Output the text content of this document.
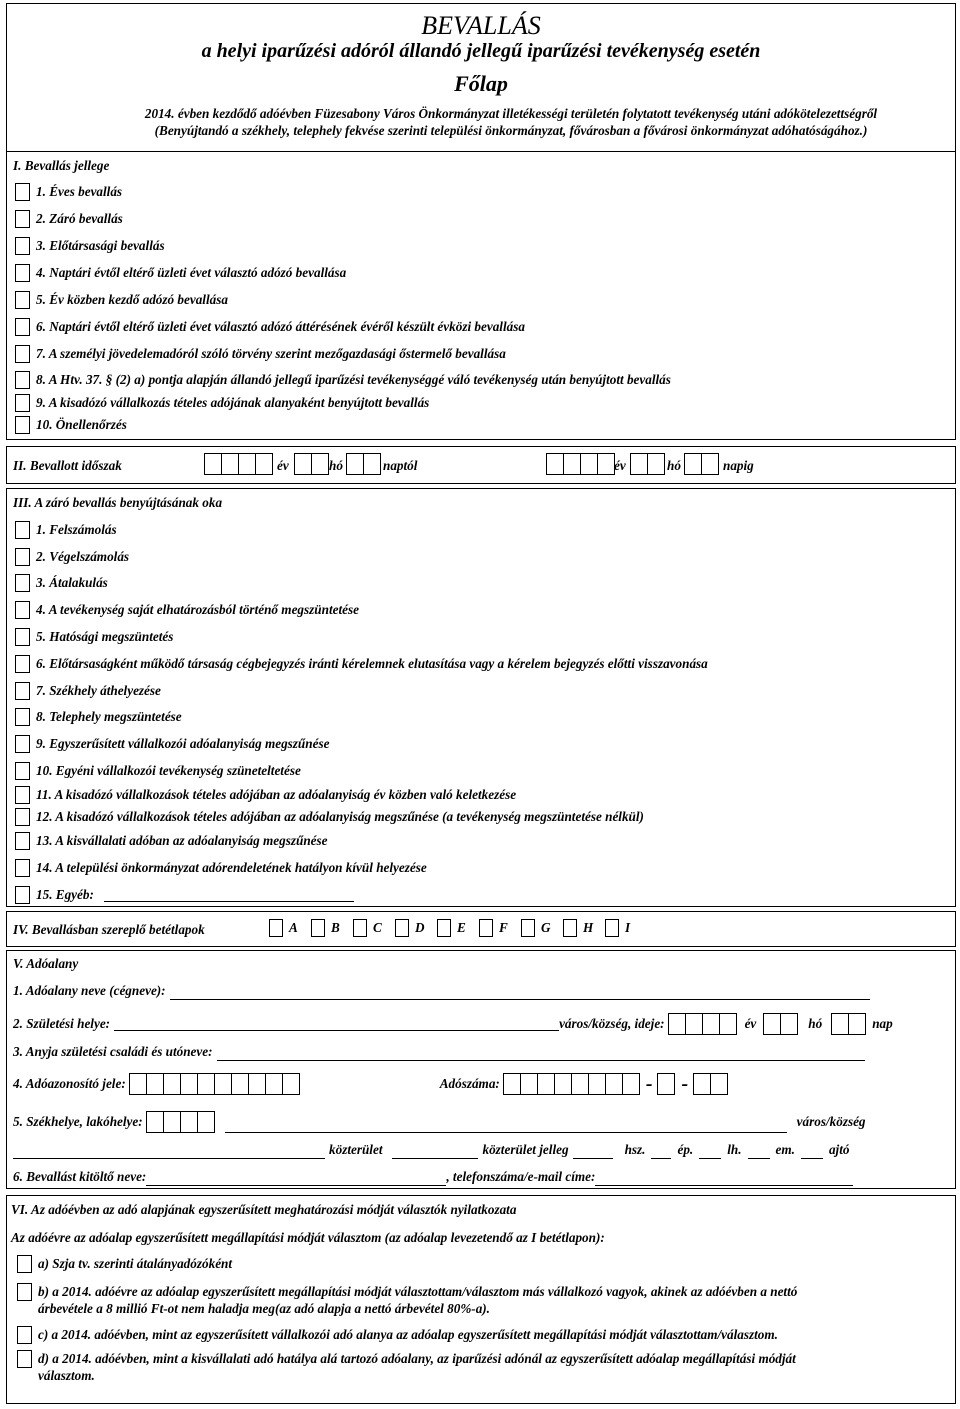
BEVALLÁS
a helyi iparűzési adóról állandó jellegű iparűzési tevékenység esetén
Főlap
2014. évben kezdődő adóévben Füzesabony Város Önkormányzat illetékességi területén folytatott tevékenység utáni adókötelezettségről
(Benyújtandó a székhely, telephely fekvése szerinti települési önkormányzat, fővárosban a fővárosi önkormányzat adóhatóságához.)
I. Bevallás jellege
1. Éves bevallás
2. Záró bevallás
3. Előtársasági bevallás
4. Naptári évtől eltérő üzleti évet választó adózó bevallása
5. Év közben kezdő adózó bevallása
6. Naptári évtől eltérő üzleti évet választó adózó áttérésének évéről készült évközi bevallása
7. A személyi jövedelemadóról szóló törvény szerint mezőgazdasági őstermelő bevallása
8. A Htv. 37. § (2) a) pontja alapján állandó jellegű iparűzési tevékenységgé váló tevékenység után benyújtott bevallás
9. A kisadózó vállalkozás tételes adójának alanyaként benyújtott bevallás
10. Önellenőrzés
II. Bevallott időszak	év	hó	naptól	év	hó	napig
III. A záró bevallás benyújtásának oka
1. Felszámolás
2. Végelszámolás
3. Átalakulás
4. A tevékenység saját elhatározásból történő megszüntetése
5. Hatósági megszüntetés
6. Előtársaságként működő társaság cégbejegyzés iránti kérelemnek elutasítása vagy a kérelem bejegyzés előtti visszavonása
7. Székhely áthelyezése
8. Telephely megszüntetése
9. Egyszerűsített vállalkozói adóalanyiság megszűnése
10. Egyéni vállalkozói tevékenység szüneteltetése
11. A kisadózó vállalkozások tételes adójában az adóalanyiság év közben való keletkezése
12. A kisadózó vállalkozások tételes adójában az adóalanyiság megszűnése (a tevékenység megszüntetése nélkül)
13. A kisvállalati adóban az adóalanyiság megszűnése
14. A települési önkormányzat adórendeletének hatályon kívül helyezése
15. Egyéb:
IV. Bevallásban szereplő betétlapok	A	B	C	D	E	F	G	H	I
V. Adóalany
1. Adóalany neve (cégneve):
2. Születési helye:	város/község, ideje:	év	hó	nap
3. Anyja születési családi és utóneve:
4. Adóazonosító jele:	Adószáma:	- -
5. Székhelye, lakóhelye:	város/község
közterület	közterület jelleg	hsz. ép.	lh.	em.	ajtó
6. Bevallást kitöltő neve:	, telefonszáma/e-mail címe:
VI. Az adóévben az adó alapjának egyszerűsített meghatározási módját választók nyilatkozata
Az adóévre az adóalap egyszerűsített megállapítási módját választom (az adóalap levezetendő az I betétlapon):
a) Szja tv. szerinti átalányadózóként
b) a 2014. adóévre az adóalap egyszerűsített megállapítási módját választottam/választom más vállalkozó vagyok, akinek az adóévben a nettó
árbevétele a 8 millió Ft-ot nem haladja meg(az adó alapja a nettó árbevétel 80%-a).
c) a 2014. adóévben, mint az egyszerűsített vállalkozói adó alanya az adóalap egyszerűsített megállapítási módját választottam/választom.
d) a 2014. adóévben, mint a kisvállalati adó hatálya alá tartozó adóalany, az iparűzési adónál az egyszerűsített adóalap megállapítási módját
választom.
